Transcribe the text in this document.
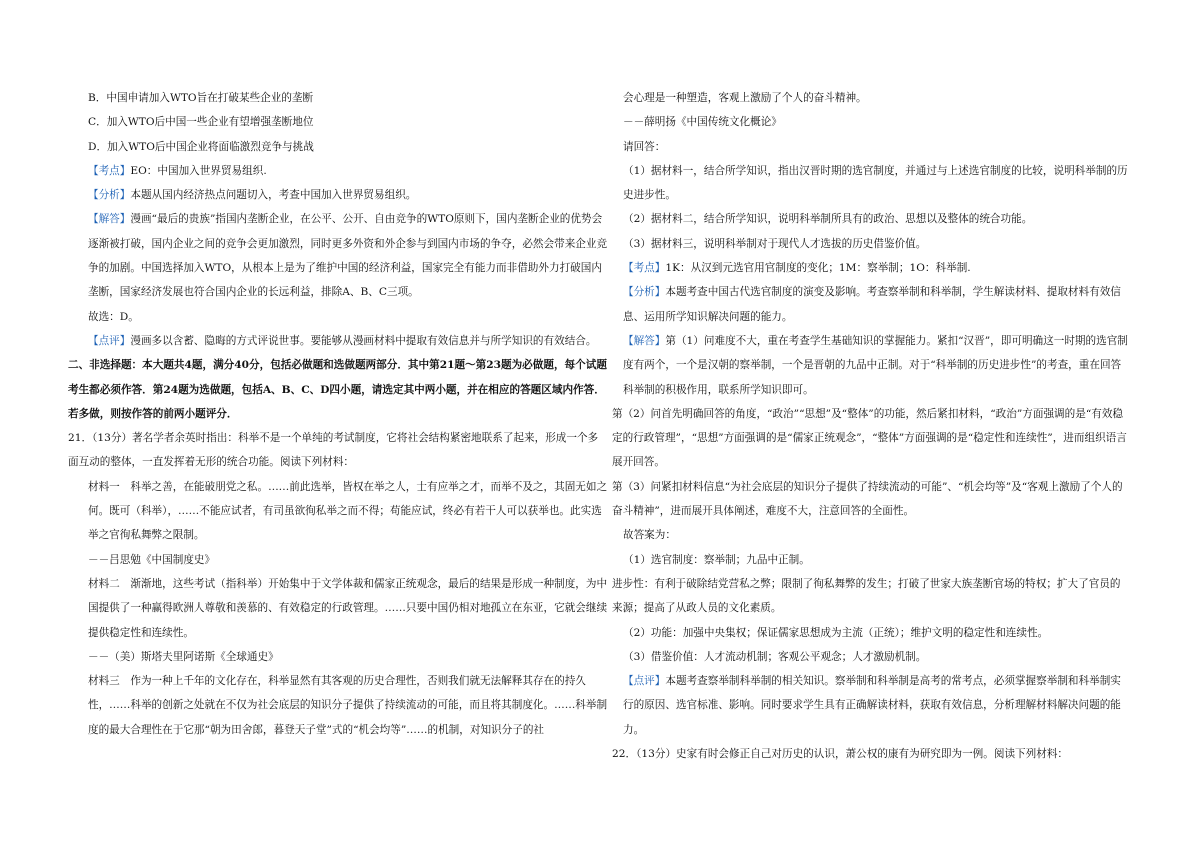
B．中国申请加入WTO旨在打破某些企业的垄断

C．加入WTO后中国一些企业有望增强垄断地位

D．加入WTO后中国企业将面临激烈竞争与挑战

【考点】EO：中国加入世界贸易组织.

【分析】本题从国内经济热点问题切入，考查中国加入世界贸易组织。

【解答】漫画“最后的贵族”指国内垄断企业，在公平、公开、自由竞争的WTO原则下，国内垄断企业的优势会逐渐被打破，国内企业之间的竞争会更加激烈，同时更多外资和外企参与到国内市场的争夺，必然会带来企业竞争的加剧。中国选择加入WTO，从根本上是为了维护中国的经济利益，国家完全有能力而非借助外力打破国内垄断，国家经济发展也符合国内企业的长远利益，排除A、B、C三项。

故选：D。

【点评】漫画多以含蓄、隐晦的方式评说世事。要能够从漫画材料中提取有效信息并与所学知识的有效结合。

二、非选择题：本大题共4题，满分40分，包括必做题和选做题两部分．其中第21题～第23题为必做题，每个试题考生都必须作答．第24题为选做题，包括A、B、C、D四小题，请选定其中两小题，并在相应的答题区域内作答．若多做，则按作答的前两小题评分．

21．（13分）著名学者余英时指出：科举不是一个单纯的考试制度，它将社会结构紧密地联系了起来，形成一个多面互动的整体，一直发挥着无形的统合功能。阅读下列材料：

材料一　科举之善，在能破朋党之私。……前此选举，皆权在举之人，士有应举之才，而举不及之，其固无如之何。既可（科举），……不能应试者，有司虽欲徇私举之而不得；苟能应试，终必有若干人可以获举也。此实选举之官徇私舞弊之限制。

－－吕思勉《中国制度史》

材料二　渐渐地，这些考试（指科举）开始集中于文学体裁和儒家正统观念，最后的结果是形成一种制度，为中国提供了一种赢得欧洲人尊敬和羡慕的、有效稳定的行政管理。……只要中国仍相对地孤立在东亚，它就会继续提供稳定性和连续性。

－－（美）斯塔夫里阿诺斯《全球通史》

材料三　作为一种上千年的文化存在，科举显然有其客观的历史合理性，否则我们就无法解释其存在的持久性，……科举的创新之处就在不仅为社会底层的知识分子提供了持续流动的可能，而且将其制度化。……科举制度的最大合理性在于它那“朝为田舍郎，暮登天子堂”式的“机会均等”……的机制，对知识分子的社

会心理是一种塑造，客观上激励了个人的奋斗精神。

－－薛明扬《中国传统文化概论》

请回答：

（1）据材料一，结合所学知识，指出汉晋时期的选官制度，并通过与上述选官制度的比较，说明科举制的历史进步性。

（2）据材料二，结合所学知识，说明科举制所具有的政治、思想以及整体的统合功能。

（3）据材料三，说明科举制对于现代人才选拔的历史借鉴价值。

【考点】1K：从汉到元选官用官制度的变化；1M：察举制；1O：科举制.

【分析】本题考查中国古代选官制度的演变及影响。考查察举制和科举制，学生解读材料、提取材料有效信息、运用所学知识解决问题的能力。

【解答】第（1）问难度不大，重在考查学生基础知识的掌握能力。紧扣“汉晋”，即可明确这一时期的选官制度有两个，一个是汉朝的察举制，一个是晋朝的九品中正制。对于“科举制的历史进步性”的考查，重在回答科举制的积极作用，联系所学知识即可。

第（2）问首先明确回答的角度，“政治”“思想”及“整体”的功能，然后紧扣材料，“政治”方面强调的是“有效稳定的行政管理”，“思想”方面强调的是“儒家正统观念”，“整体”方面强调的是“稳定性和连续性”，进而组织语言展开回答。

第（3）问紧扣材料信息“为社会底层的知识分子提供了持续流动的可能”、“机会均等”及“客观上激励了个人的奋斗精神”，进而展开具体阐述，难度不大，注意回答的全面性。

故答案为：

（1）选官制度：察举制；九品中正制。

进步性：有利于破除结党营私之弊；限制了徇私舞弊的发生；打破了世家大族垄断官场的特权；扩大了官员的来源；提高了从政人员的文化素质。

（2）功能：加强中央集权；保证儒家思想成为主流（正统）；维护文明的稳定性和连续性。

（3）借鉴价值：人才流动机制；客观公平观念；人才激励机制。

【点评】本题考查察举制科举制的相关知识。察举制和科举制是高考的常考点，必须掌握察举制和科举制实行的原因、选官标准、影响。同时要求学生具有正确解读材料，获取有效信息，分析理解材料解决问题的能力。

22．（13分）史家有时会修正自己对历史的认识，萧公权的康有为研究即为一例。阅读下列材料：
